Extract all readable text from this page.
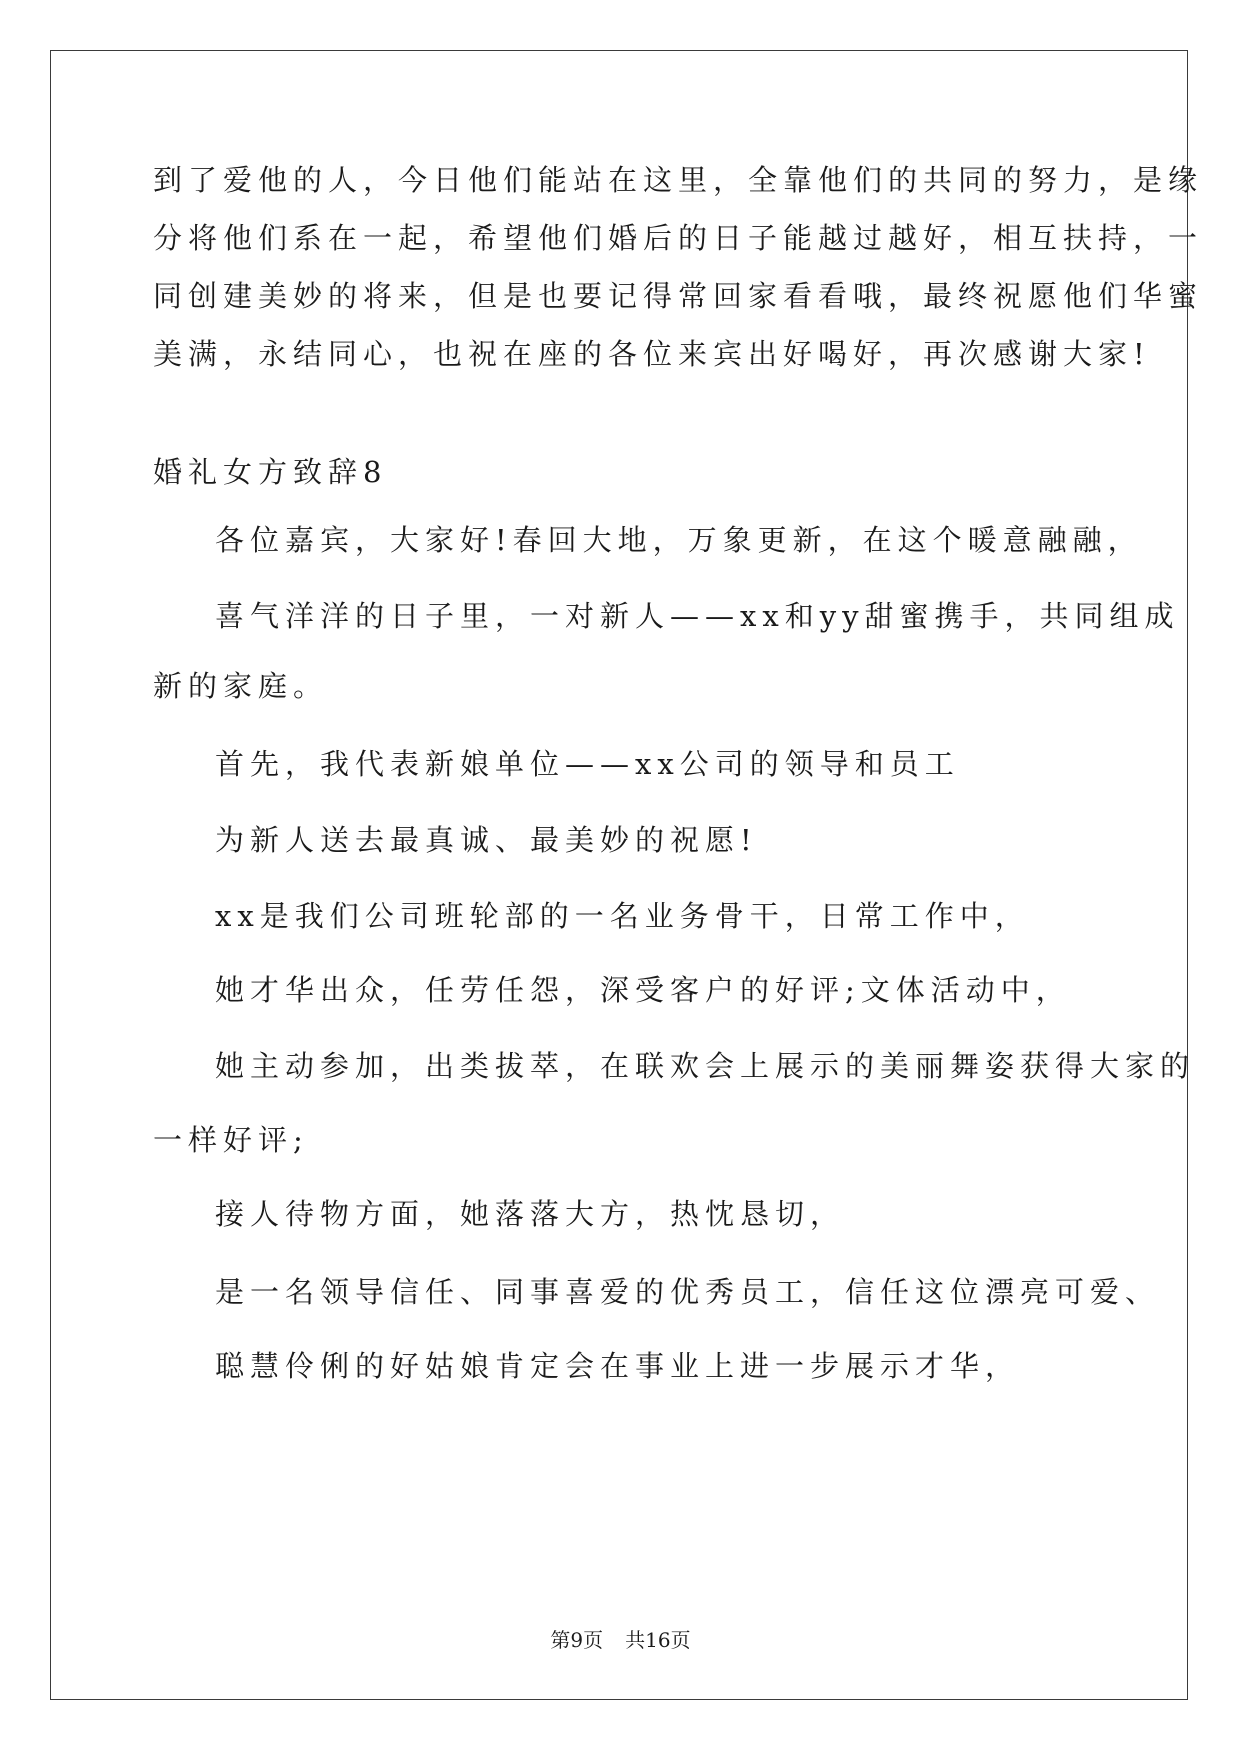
到了爱他的人，今日他们能站在这里，全靠他们的共同的努力，是缘
分将他们系在一起，希望他们婚后的日子能越过越好，相互扶持，一
同创建美妙的将来，但是也要记得常回家看看哦，最终祝愿他们华蜜
美满，永结同心，也祝在座的各位来宾出好喝好，再次感谢大家!
婚礼女方致辞8
各位嘉宾，大家好!春回大地，万象更新，在这个暖意融融，
喜气洋洋的日子里，一对新人——xx和yy甜蜜携手，共同组成
新的家庭。
首先，我代表新娘单位——xx公司的领导和员工
为新人送去最真诚、最美妙的祝愿!
xx是我们公司班轮部的一名业务骨干，日常工作中，
她才华出众，任劳任怨，深受客户的好评;文体活动中，
她主动参加，出类拔萃，在联欢会上展示的美丽舞姿获得大家的
一样好评;
接人待物方面，她落落大方，热忱恳切，
是一名领导信任、同事喜爱的优秀员工，信任这位漂亮可爱、
聪慧伶俐的好姑娘肯定会在事业上进一步展示才华，
第9页 共16页
